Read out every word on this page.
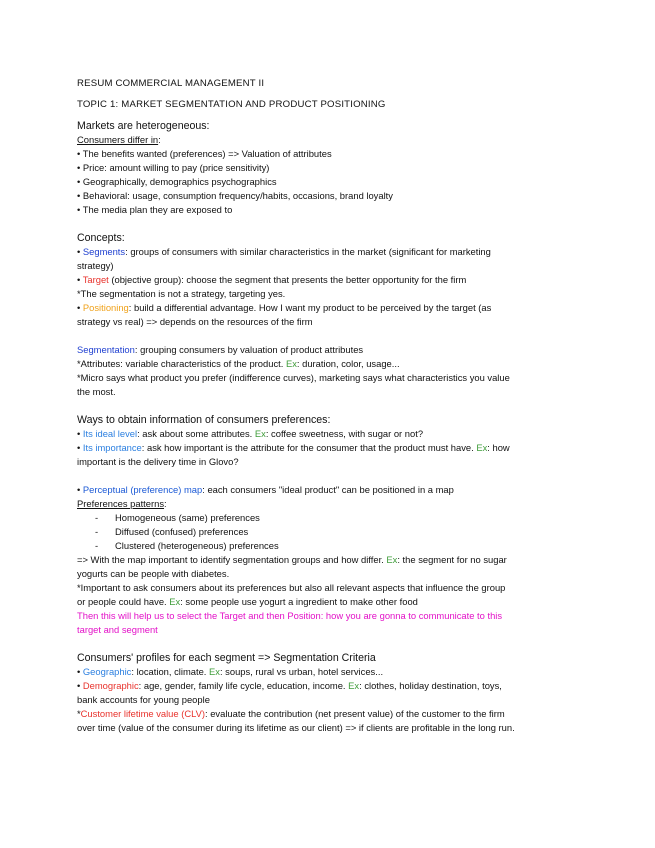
RESUM COMMERCIAL MANAGEMENT II
TOPIC 1: MARKET SEGMENTATION AND PRODUCT POSITIONING
Markets are heterogeneous:
Consumers differ in:
• The benefits wanted (preferences) => Valuation of attributes
• Price: amount willing to pay (price sensitivity)
• Geographically, demographics psychographics
• Behavioral: usage, consumption frequency/habits, occasions, brand loyalty
• The media plan they are exposed to
Concepts:
• Segments: groups of consumers with similar characteristics in the market (significant for marketing
strategy)
• Target (objective group): choose the segment that presents the better opportunity for the firm
*The segmentation is not a strategy, targeting yes.
• Positioning: build a differential advantage. How I want my product to be perceived by the target (as
strategy vs real) => depends on the resources of the firm
Segmentation: grouping consumers by valuation of product attributes
*Attributes: variable characteristics of the product. Ex: duration, color, usage...
*Micro says what product you prefer (indifference curves), marketing says what characteristics you value
the most.
Ways to obtain information of consumers preferences:
• Its ideal level: ask about some attributes. Ex: coffee sweetness, with sugar or not?
• Its importance: ask how important is the attribute for the consumer that the product must have. Ex: how
important is the delivery time in Glovo?
• Perceptual (preference) map: each consumers "ideal product" can be positioned in a map
Preferences patterns:
- Homogeneous (same) preferences
- Diffused (confused) preferences
- Clustered (heterogeneous) preferences
=> With the map important to identify segmentation groups and how differ. Ex: the segment for no sugar
yogurts can be people with diabetes.
*Important to ask consumers about its preferences but also all relevant aspects that influence the group
or people could have. Ex: some people use yogurt a ingredient to make other food
Then this will help us to select the Target and then Position: how you are gonna to communicate to this
target and segment
Consumers' profiles for each segment => Segmentation Criteria
• Geographic: location, climate. Ex: soups, rural vs urban, hotel services...
• Demographic: age, gender, family life cycle, education, income. Ex: clothes, holiday destination, toys,
bank accounts for young people
*Customer lifetime value (CLV): evaluate the contribution (net present value) of the customer to the firm
over time (value of the consumer during its lifetime as our client) => if clients are profitable in the long run.
